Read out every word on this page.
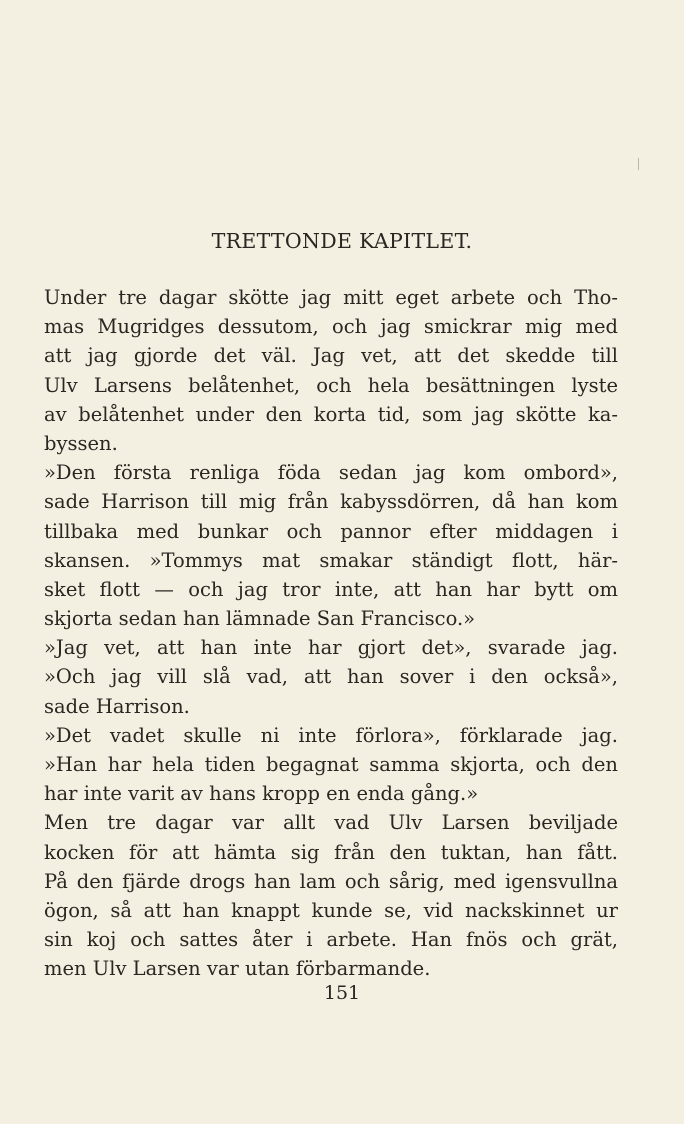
TRETTONDE KAPITLET.
Under tre dagar skötte jag mitt eget arbete och Tho-
mas Mugridges dessutom, och jag smickrar mig med
att jag gjorde det väl. Jag vet, att det skedde till
Ulv Larsens belåtenhet, och hela besättningen lyste
av belåtenhet under den korta tid, som jag skötte ka-
byssen.
»Den första renliga föda sedan jag kom ombord»,
sade Harrison till mig från kabyssdörren, då han kom
tillbaka med bunkar och pannor efter middagen i
skansen. »Tommys mat smakar ständigt flott, här-
sket flott — och jag tror inte, att han har bytt om
skjorta sedan han lämnade San Francisco.»
»Jag vet, att han inte har gjort det», svarade jag.
»Och jag vill slå vad, att han sover i den också»,
sade Harrison.
»Det vadet skulle ni inte förlora», förklarade jag.
»Han har hela tiden begagnat samma skjorta, och den
har inte varit av hans kropp en enda gång.»
Men tre dagar var allt vad Ulv Larsen beviljade
kocken för att hämta sig från den tuktan, han fått.
På den fjärde drogs han lam och sårig, med igensvullna
ögon, så att han knappt kunde se, vid nackskinnet ur
sin koj och sattes åter i arbete. Han fnös och grät,
men Ulv Larsen var utan förbarmande.
151
